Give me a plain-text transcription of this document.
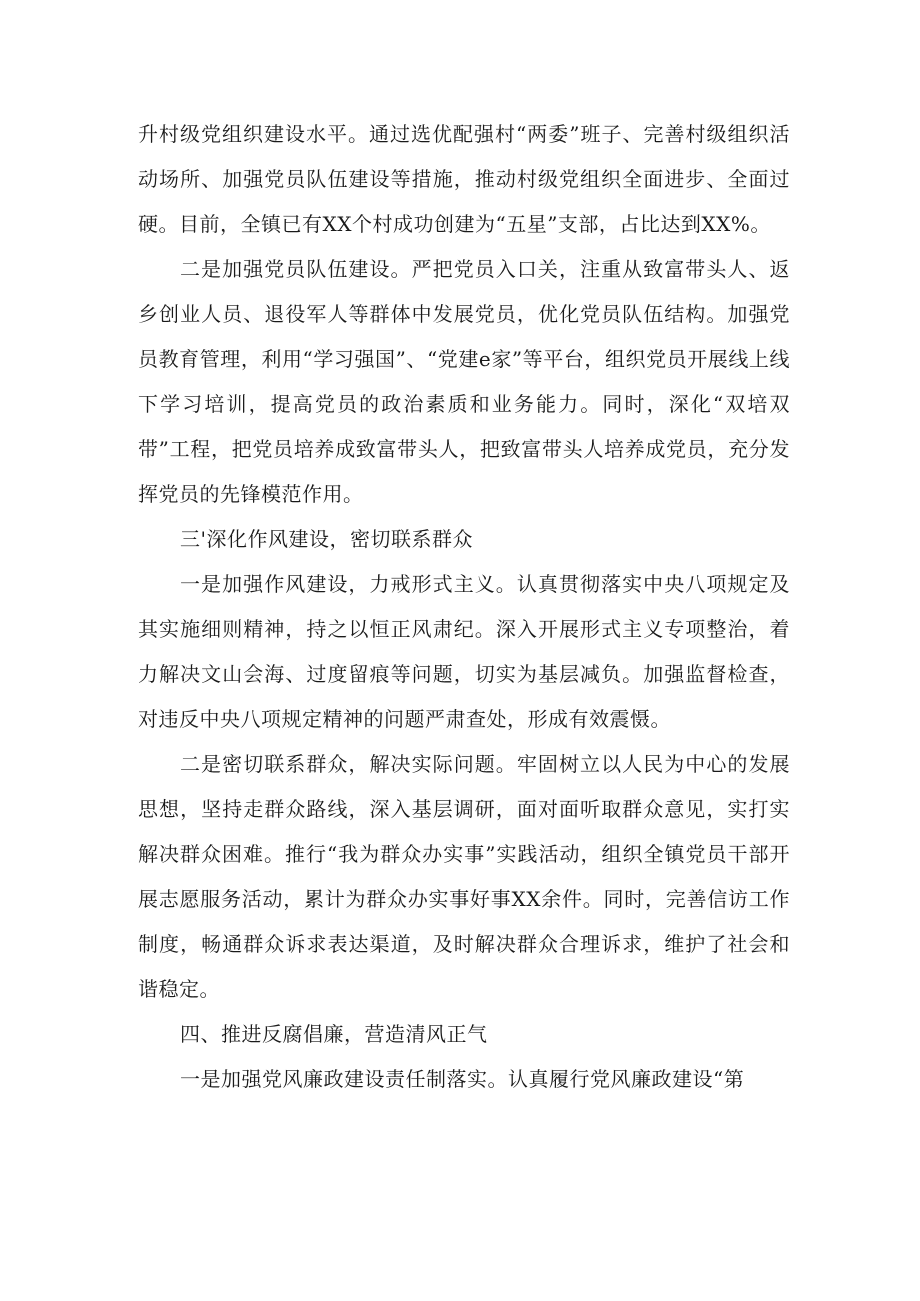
升村级党组织建设水平。通过选优配强村“两委”班子、完善村级组织活动场所、加强党员队伍建设等措施，推动村级党组织全面进步、全面过硬。目前，全镇已有XX个村成功创建为“五星”支部，占比达到XX%。

二是加强党员队伍建设。严把党员入口关，注重从致富带头人、返乡创业人员、退役军人等群体中发展党员，优化党员队伍结构。加强党员教育管理，利用“学习强国”、“党建e家”等平台，组织党员开展线上线下学习培训，提高党员的政治素质和业务能力。同时，深化“双培双带”工程，把党员培养成致富带头人，把致富带头人培养成党员，充分发挥党员的先锋模范作用。

三'深化作风建设，密切联系群众

一是加强作风建设，力戒形式主义。认真贯彻落实中央八项规定及其实施细则精神，持之以恒正风肃纪。深入开展形式主义专项整治，着力解决文山会海、过度留痕等问题，切实为基层减负。加强监督检查，对违反中央八项规定精神的问题严肃查处，形成有效震慑。

二是密切联系群众，解决实际问题。牢固树立以人民为中心的发展思想，坚持走群众路线，深入基层调研，面对面听取群众意见，实打实解决群众困难。推行“我为群众办实事”实践活动，组织全镇党员干部开展志愿服务活动，累计为群众办实事好事XX余件。同时，完善信访工作制度，畅通群众诉求表达渠道，及时解决群众合理诉求，维护了社会和谐稳定。

四、推进反腐倡廉，营造清风正气

一是加强党风廉政建设责任制落实。认真履行党风廉政建设“第
